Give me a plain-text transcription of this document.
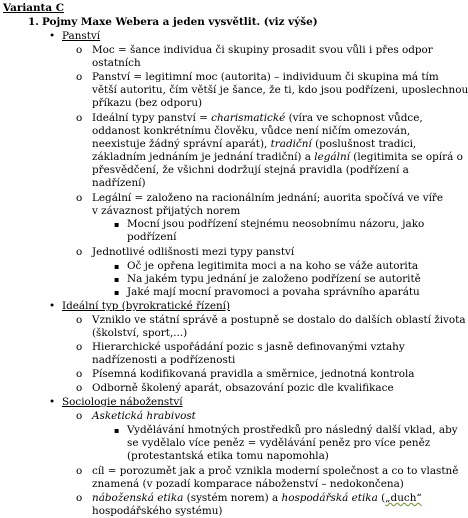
Varianta C
1. Pojmy Maxe Webera a jeden vysvětlit. (viz výše)
• Panství
o Moc = šance individua či skupiny prosadit svou vůli i přes odpor
ostatních
o Panství = legitimní moc (autorita) – individuum či skupina má tím
větší autoritu, čím větší je šance, že ti, kdo jsou podřízeni, uposlechnou
příkazu (bez odporu)
o Ideální typy panství = charismatické (víra ve schopnost vůdce,
oddanost konkrétnímu člověku, vůdce není ničím omezován,
neexistuje žádný správní aparát), tradiční (poslušnost tradici,
základním jednáním je jednání tradiční) a legální (legitimita se opírá o
přesvědčení, že všichni dodržují stejná pravidla (podřízení a
nadřízení)
o Legální = založeno na racionálním jednání; auorita spočívá ve víře
v závaznost přijatých norem
▪ Mocní jsou podřízení stejnému neosobnímu názoru, jako
podřízení
o Jednotlivé odlišnosti mezi typy panství
▪ Oč je opřena legitimita moci a na koho se váže autorita
▪ Na jakém typu jednání je založeno podřízení se autoritě
▪ Jaké mají mocní pravomoci a povaha správního aparátu
• Ideální typ (byrokratické řízení)
o Vzniklo ve státní správě a postupně se dostalo do dalších oblastí života
(školství, sport,...)
o Hierarchické uspořádání pozic s jasně definovanými vztahy
nadřízenosti a podřízenosti
o Písemná kodifikovaná pravidla a směrnice, jednotná kontrola
o Odborně školený aparát, obsazování pozic dle kvalifikace
• Sociologie náboženství
o Asketická hrabivost
▪ Vydělávání hmotných prostředků pro následný další vklad, aby
se vydělalo více peněz = vydělávání peněz pro více peněz
(protestantská etika tomu napomohla)
o cíl = porozumět jak a proč vznikla moderní společnost a co to vlastně
znamená (v pozadí komparace náboženství – nedokončena)
o náboženská etika (systém norem) a hospodářská etika („duch“
hospodářského systému)
